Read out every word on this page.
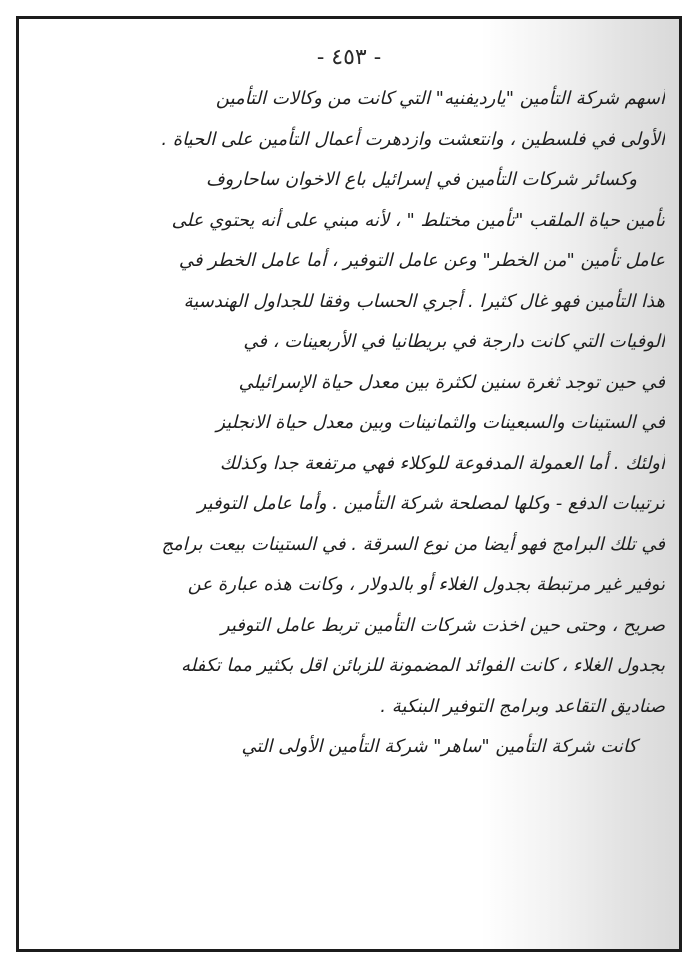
- ٤٥٣ -
أسهم شركة التأمين "يارديفنيه" التي كانت من وكالات التأمين
الأولى في فلسطين ، وانتعشت وازدهرت أعمال التأمين على الحياة .
وكسائر شركات التأمين في إسرائيل باع الاخوان ساحاروف
تأمين حياة الملقب "تأمين مختلط " ، لأنه مبني على أنه يحتوي على
عامل تأمين "من الخطر" وعن عامل التوفير ، أما عامل الخطر في
هذا التأمين فهو غال كثيرا . أجري الحساب وفقا للجداول الهندسية
الوفيات التي كانت دارجة في بريطانيا في الأربعينات ، في
في حين توجد ثغرة سنين لكثرة بين معدل حياة الإسرائيلي
في الستينات والسبعينات والثمانينات وبين معدل حياة الانجليز
أولئك . أما العمولة المدفوعة للوكلاء فهي مرتفعة جدا وكذلك
ترتيبات الدفع - وكلها لمصلحة شركة التأمين . وأما عامل التوفير
في تلك البرامج فهو أيضا من نوع السرقة . في الستينات بيعت برامج
توفير غير مرتبطة بجدول الغلاء أو بالدولار ، وكانت هذه عبارة عن
صريح ، وحتى حين اخذت شركات التأمين تربط عامل التوفير
بجدول الغلاء ، كانت الفوائد المضمونة للزبائن اقل بكثير مما تكفله
صناديق التقاعد وبرامج التوفير البنكية .
كانت شركة التأمين "ساهر" شركة التأمين الأولى التي
